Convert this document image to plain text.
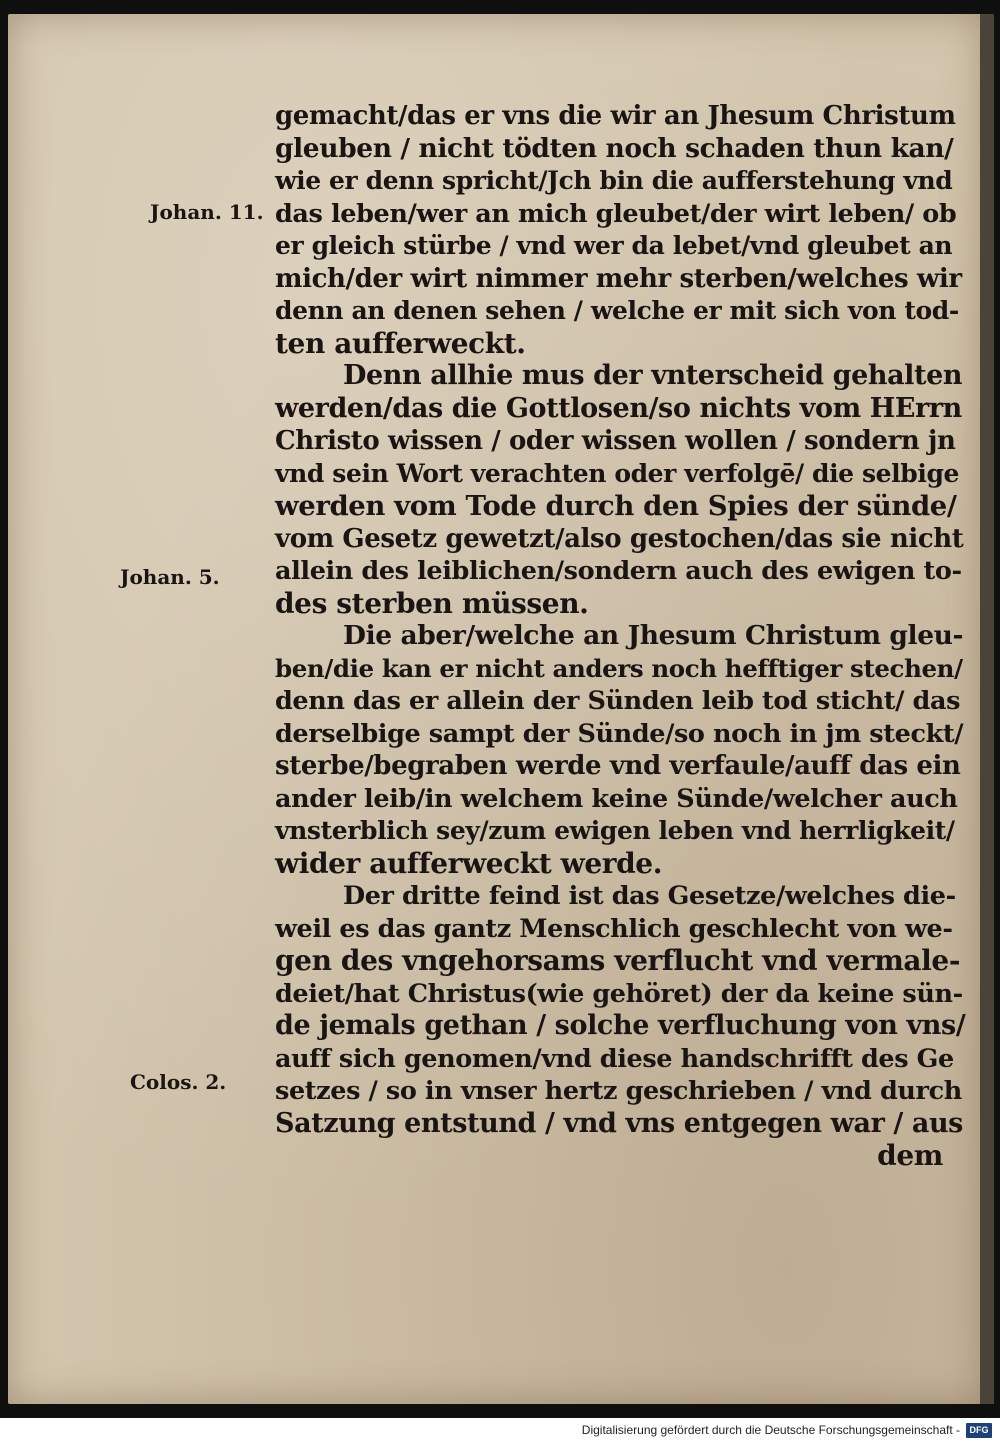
Johan. 11.
Johan. 5.
Colos. 2.
gemacht/das er vns die wir an Jhesum Christum
gleuben / nicht tödten noch schaden thun kan/
wie er denn spricht/Jch bin die aufferstehung vnd
das leben/wer an mich gleubet/der wirt leben/ ob
er gleich stürbe / vnd wer da lebet/vnd gleubet an
mich/der wirt nimmer mehr sterben/welches wir
denn an denen sehen / welche er mit sich von tod-
ten aufferweckt.
Denn allhie mus der vnterscheid gehalten
werden/das die Gottlosen/so nichts vom HErrn
Christo wissen / oder wissen wollen / sondern jn
vnd sein Wort verachten oder verfolgē/ die selbige
werden vom Tode durch den Spies der sünde/
vom Gesetz gewetzt/also gestochen/das sie nicht
allein des leiblichen/sondern auch des ewigen to-
des sterben müssen.
Die aber/welche an Jhesum Christum gleu-
ben/die kan er nicht anders noch hefftiger stechen/
denn das er allein der Sünden leib tod sticht/ das
derselbige sampt der Sünde/so noch in jm steckt/
sterbe/begraben werde vnd verfaule/auff das ein
ander leib/in welchem keine Sünde/welcher auch
vnsterblich sey/zum ewigen leben vnd herrligkeit/
wider aufferweckt werde.
Der dritte feind ist das Gesetze/welches die-
weil es das gantz Menschlich geschlecht von we-
gen des vngehorsams verflucht vnd vermale-
deiet/hat Christus(wie gehöret) der da keine sün-
de jemals gethan / solche verfluchung von vns/
auff sich genomen/vnd diese handschrifft des Ge
setzes / so in vnser hertz geschrieben / vnd durch
Satzung entstund / vnd vns entgegen war / aus
dem
Digitalisierung gefördert durch die Deutsche Forschungsgemeinschaft -	DFG
